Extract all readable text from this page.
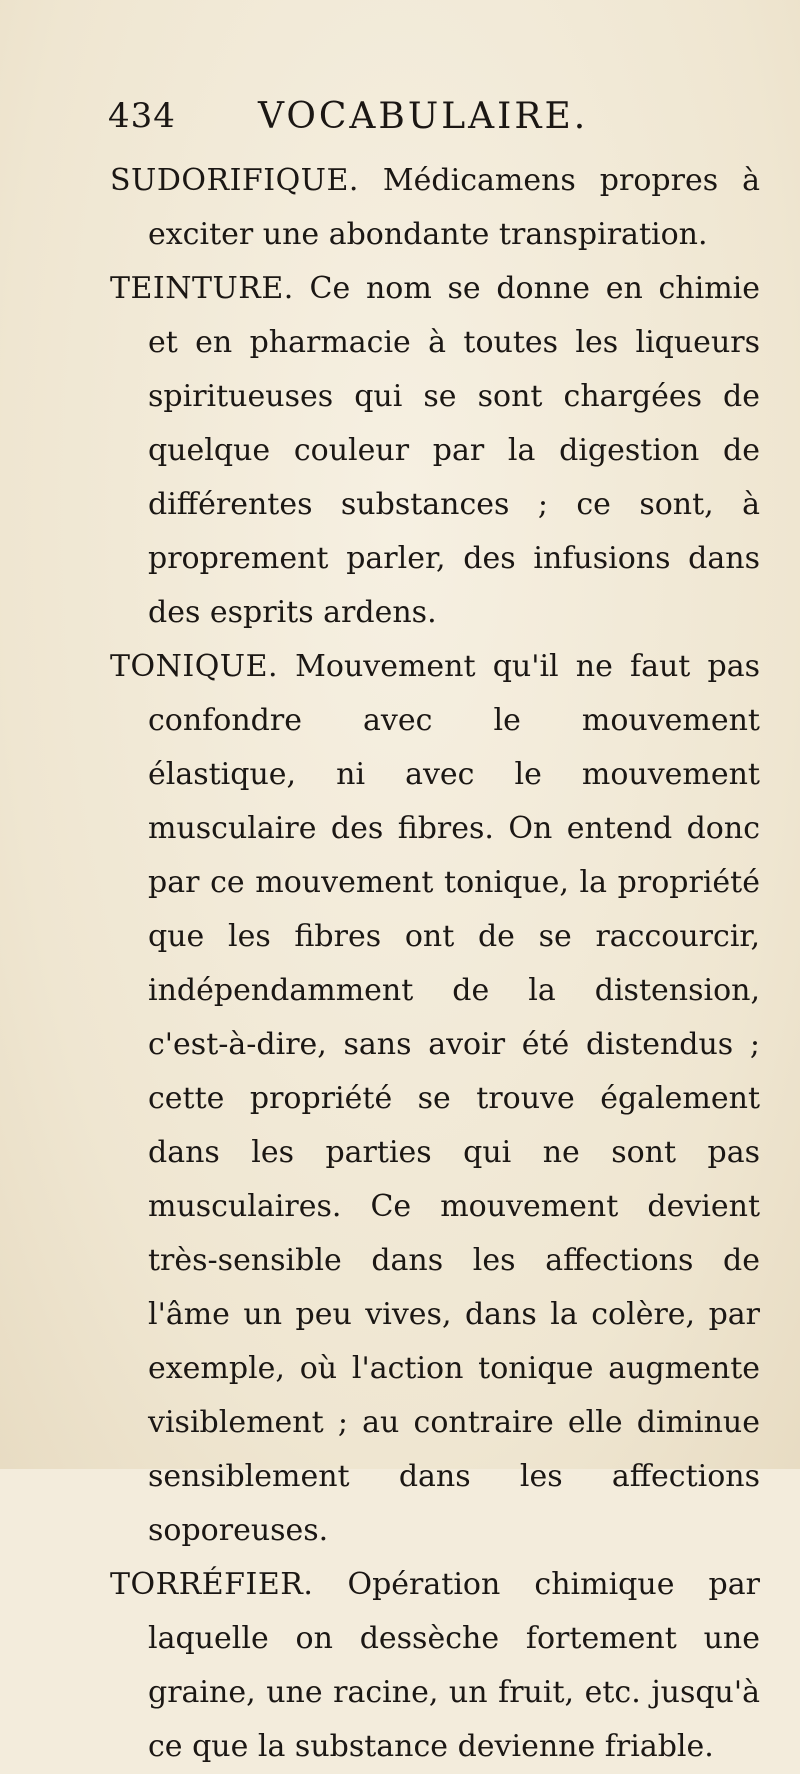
434 VOCABULAIRE.

SUDORIFIQUE. Médicamens propres à exciter une abondante transpiration.

TEINTURE. Ce nom se donne en chimie et en pharmacie à toutes les liqueurs spiritueuses qui se sont chargées de quelque couleur par la digestion de différentes substances ; ce sont, à proprement parler, des infusions dans des esprits ardens.

TONIQUE. Mouvement qu'il ne faut pas confondre avec le mouvement élastique, ni avec le mouvement musculaire des fibres. On entend donc par ce mouvement tonique, la propriété que les fibres ont de se raccourcir, indépendamment de la distension, c'est-à-dire, sans avoir été distendus ; cette propriété se trouve également dans les parties qui ne sont pas musculaires. Ce mouvement devient très-sensible dans les affections de l'âme un peu vives, dans la colère, par exemple, où l'action tonique augmente visiblement ; au contraire elle diminue sensiblement dans les affections soporeuses.

TORRÉFIER. Opération chimique par laquelle on dessèche fortement une graine, une racine, un fruit, etc. jusqu'à ce que la substance devienne friable.
